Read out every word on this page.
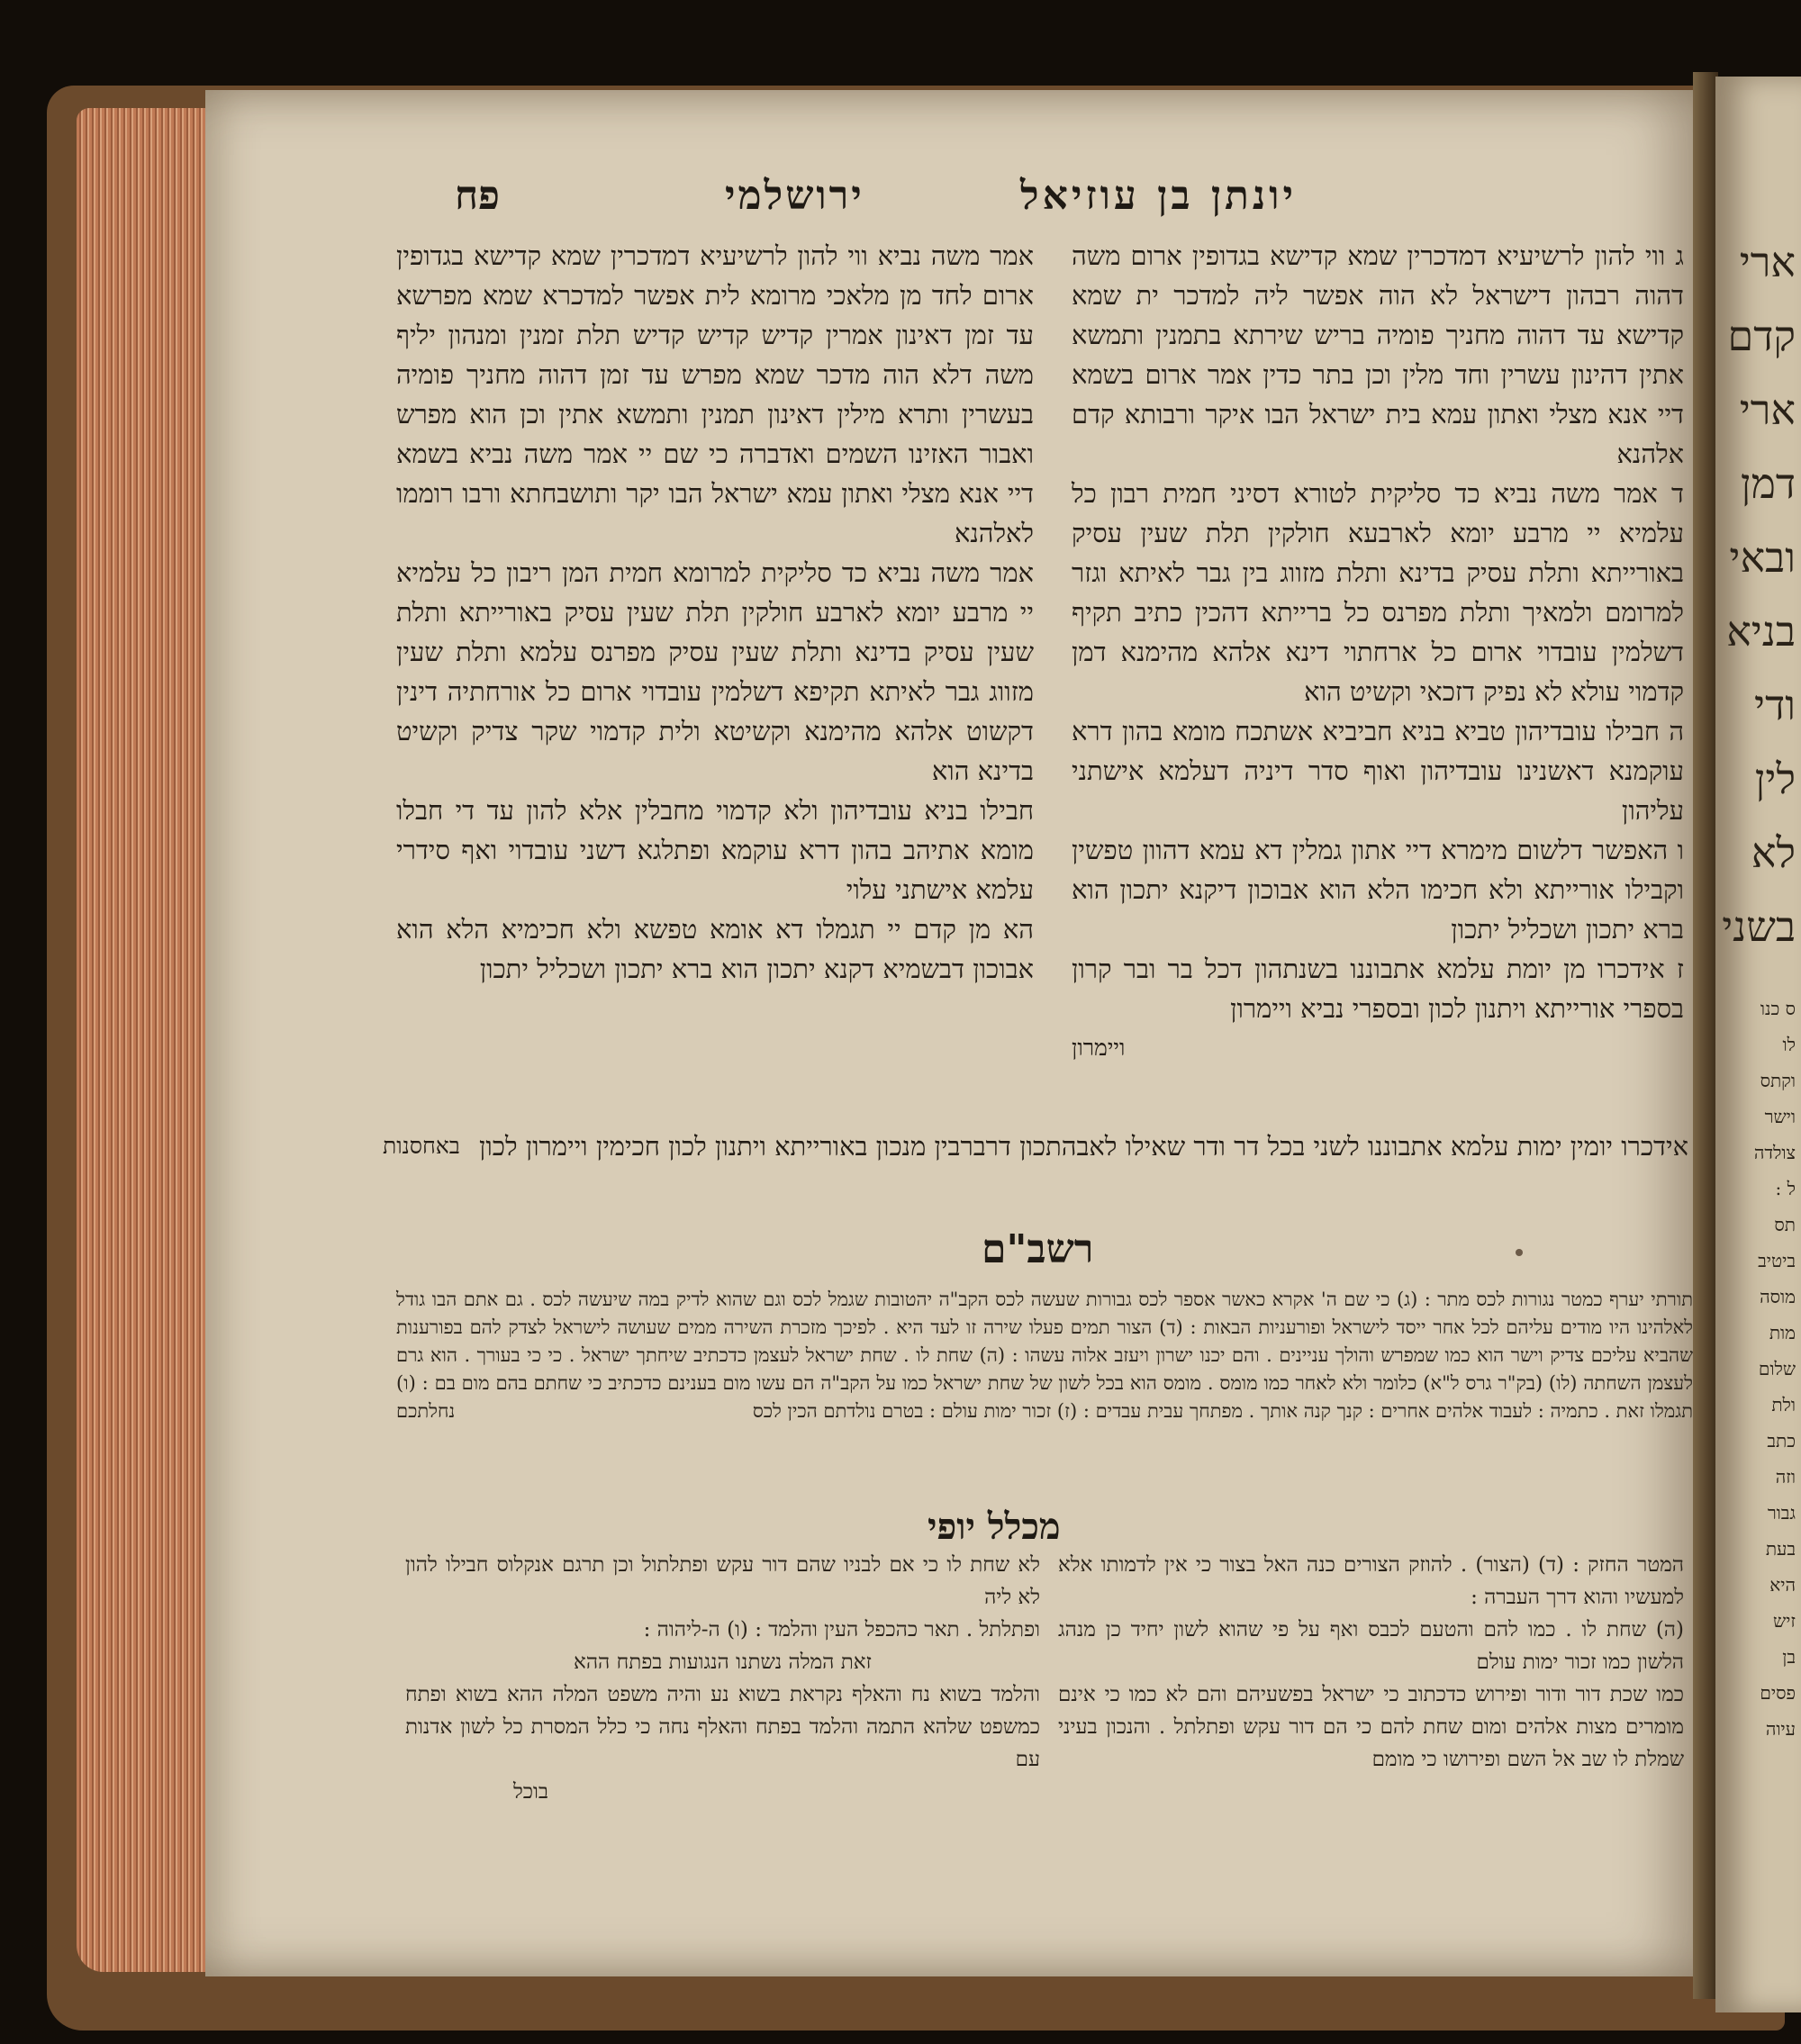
ארי
קדם
ארי
דמן
ובאי
בניא
ודי
לין
לא
בשני
ס כנו
לו
וקתס
וישר
צולדה
ל :
תס
ביטיב
מוסה
מות
שלום
ולת
כתב
וזה
גבור
בעת
היא
זיש
בן
פסים
עיוה
יונתן בן עוזיאל
ירושלמי
פח

ג ווי להון לרשיעיא דמדכרין שמא קדישא בגדופין ארום משה דהוה רבהון דישראל לא הוה אפשר ליה למדכר ית שמא קדישא עד דהוה מחניך פומיה בריש שירתא בתמנין ותמשא אתין דהינון עשרין וחד מלין וכן בתר כדין אמר ארום בשמא דיי אנא מצלי ואתון עמא בית ישראל הבו איקר ורבותא קדם אלהנא

ד אמר משה נביא כד סליקית לטורא דסיני חמית רבון כל עלמיא יי מרבע יומא לארבעא חולקין תלת שעין עסיק באורייתא ותלת עסיק בדינא ותלת מזווג בין גבר לאיתא וגזר למרומם ולמאיך ותלת מפרנס כל ברייתא דהכין כתיב תקיף דשלמין עובדוי ארום כל ארחתוי דינא אלהא מהימנא דמן קדמוי עולא לא נפיק דזכאי וקשיט הוא

ה חבילו עובדיהון טביא בניא חביביא אשתכח מומא בהון דרא עוקמנא דאשנינו עובדיהון ואוף סדר דיניה דעלמא אישתני עליהון

ו האפשר דלשום מימרא דיי אתון גמלין דא עמא דהוון טפשין וקבילו אורייתא ולא חכימו הלא הוא אבוכון דיקנא יתכון הוא ברא יתכון ושכליל יתכון

ז אידכרו מן יומת עלמא אתבוננו בשנתהון דכל בר ובר קרון בספרי אורייתא ויתנון לכון ובספרי נביא ויימרון

ויימרון

אמר משה נביא ווי להון לרשיעיא דמדכרין שמא קדישא בגדופין ארום לחד מן מלאכי מרומא לית אפשר למדכרא שמא מפרשא עד זמן דאינון אמרין קדיש קדיש קדיש תלת זמנין ומנהון יליף משה דלא הוה מדכר שמא מפרש עד זמן דהוה מחניך פומיה בעשרין ותרא מילין דאינון תמנין ותמשא אתין וכן הוא מפרש ואבור האזינו השמים ואדברה כי שם יי אמר משה נביא בשמא דיי אנא מצלי ואתון עמא ישראל הבו יקר ותושבחתא ורבו רוממו לאלהנא

אמר משה נביא כד סליקית למרומא חמית המן ריבון כל עלמיא יי מרבע יומא לארבע חולקין תלת שעין עסיק באורייתא ותלת שעין עסיק בדינא ותלת שעין עסיק מפרנס עלמא ותלת שעין מזווג גבר לאיתא תקיפא דשלמין עובדוי ארום כל אורחתיה דינין דקשוט אלהא מהימנא וקשיטא ולית קדמוי שקר צדיק וקשיט בדינא הוא

חבילו בניא עובדיהון ולא קדמוי מחבלין אלא להון עד די חבלו מומא אתיהב בהון דרא עוקמא ופתלגא דשני עובדוי ואף סידרי עלמא אישתני עלוי

הא מן קדם יי תגמלו דא אומא טפשא ולא חכימיא הלא הוא אבוכון דבשמיא דקנא יתכון הוא ברא יתכון ושכליל יתכון

אידכרו יומין ימות עלמא אתבוננו לשני בכל דר ודר שאילו לאבהתכון דרברבין מנכון באורייתא ויתנון לכון חכימין ויימרון לכון
באחסנות
רשב"ם
תורתי יערף כמטר נגורות לכס מתר : (ג) כי שם ה' אקרא כאשר אספר לכס גבורות שעשה לכס הקב"ה יהטובות שגמל לכס וגם שהוא לדיק במה שיעשה לכס . גם אתם הבו גודל לאלהינו היו מודים עליהם לכל אחר ייסד לישראל ופורעניות הבאות : (ד) הצור תמים פעלו שירה זו לעד היא . לפיכך מזכרת השירה ממים שעושה לישראל לצדק להם בפורענות שהביא עליכם צדיק וישר הוא כמו שמפרש והולך עניינים . והם יכנו ישרון ויעזב אלוה עשהו : (ה) שחת לו . שחת ישראל לעצמן כדכתיב שיחתך ישראל . כי כי בעורך . הוא גרם לעצמן השחתה (לו) (בק"ר גרס ל"א) כלומר ולא לאחר כמו מומס . מומס הוא בכל לשון של שחת ישראל כמו על הקב"ה הם עשו מום בענינם כדכתיב כי שחתם בהם מום בם : (ו) תגמלו זאת . כתמיה : לעבוד אלהים אחרים : קנך קנה אותך . מפתחך עבית עבדים : (ז) זכור ימות עולם : בטרם נולדתם הכין לכס
נחלתכם
מכלל יופי

המטר החזק : (ד) (הצור) . להוזק הצורים כנה האל בצור כי אין לדמותו אלא למעשיו והוא דרך העברה :

(ה) שחת לו . כמו להם והטעם לכבס ואף על פי שהוא לשון יחיד כן מנהג הלשון כמו זכור ימות עולם

כמו שכת דור ודור ופירוש כדכתוב כי ישראל בפשעיהם והם לא כמו כי אינם מומרים מצות אלהים ומום שחת להם כי הם דור עקש ופתלתל . והנכון בעיני שמלת לו שב אל השם ופירושו כי מומם

לא שחת לו כי אם לבניו שהם דור עקש ופתלתול וכן תרגם אנקלוס חבילו להון לא ליה

ופתלתל . תאר כהכפל העין והלמד : (ו) ה-ליהוה :

זאת המלה נשתנו הנגועות בפתח ההא

והלמד בשוא נח והאלף נקראת בשוא נע והיה משפט המלה ההא בשוא ופתח כמשפט שלהא התמה והלמד בפתח והאלף נחה כי כלל המסרת כל לשון אדנות עם

בוכל
